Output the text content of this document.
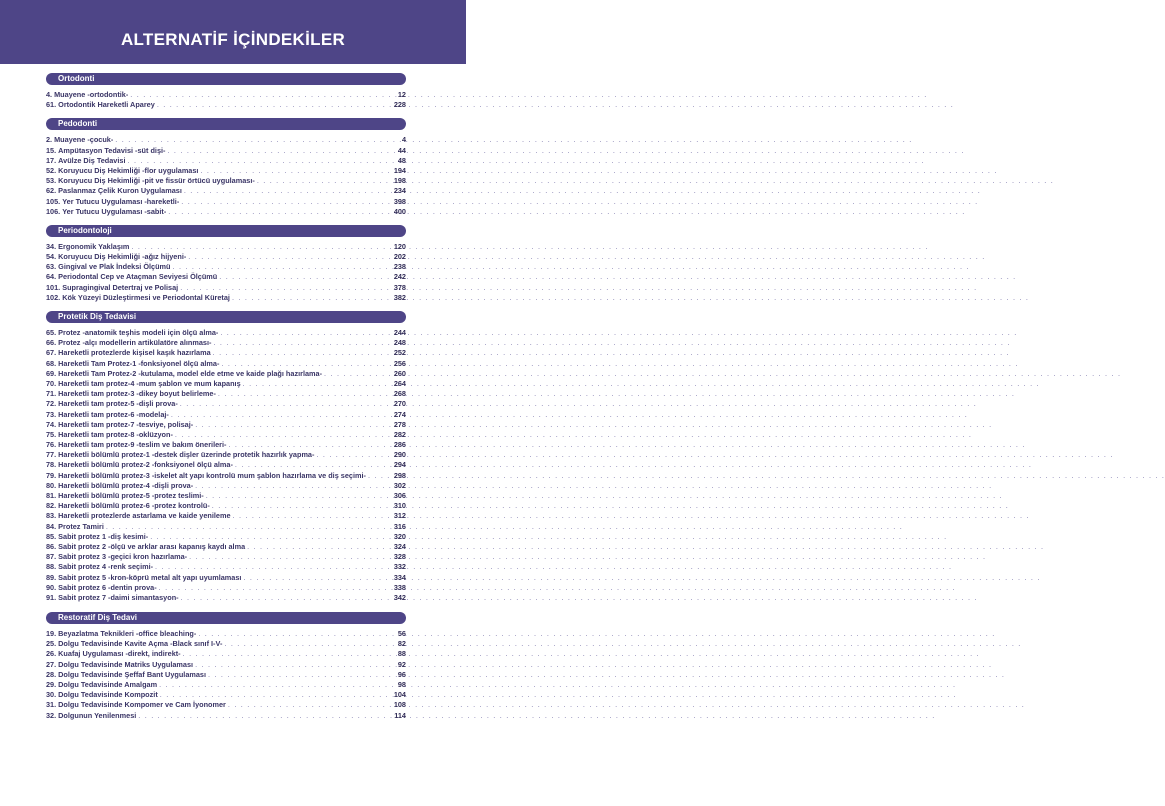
ALTERNATİF İÇİNDEKİLER
Ortodonti
4. Muayene -ortodontik- . . .	12
61. Ortodontik Hareketli Aparey . . .	228
Pedodonti
2. Muayene -çocuk- . . .	4
15. Ampütasyon Tedavisi -süt dişi- . . .	44
17. Avülze Diş Tedavisi . . .	48
52. Koruyucu Diş Hekimliği -flor uygulaması . . .	194
53. Koruyucu Diş Hekimliği -pit ve fissür örtücü uygulaması- . . .	198
62. Paslanmaz Çelik Kuron Uygulaması . . .	234
105. Yer Tutucu Uygulaması -hareketli- . . .	398
106. Yer Tutucu Uygulaması -sabit- . . .	400
Periodontoloji
34. Ergonomik Yaklaşım . . .	120
54. Koruyucu Diş Hekimliği -ağız hijyeni- . . .	202
63. Gingival ve Plak İndeksi Ölçümü . . .	238
64. Periodontal Cep ve Ataçman Seviyesi Ölçümü . . .	242
101. Supragingival Detertraj ve Polisaj . . .	378
102. Kök Yüzeyi Düzleştirmesi ve Periodontal Küretaj . . .	382
Protetik Diş Tedavisi
65. Protez -anatomik teşhis modeli için ölçü alma- . . .	244
66. Protez -alçı modellerin artikülatöre alınması- . . .	248
67. Hareketli protezlerde kişisel kaşık hazırlama . . .	252
68. Hareketli Tam Protez-1 -fonksiyonel ölçü alma- . . .	256
69. Hareketli Tam Protez-2 -kutulama, model elde etme ve kaide plağı hazırlama- . . .	260
70. Hareketli tam protez-4 -mum şablon ve mum kapanış . . .	264
71. Hareketli tam protez-3 -dikey boyut belirleme- . . .	268
72. Hareketli tam protez-5 -dişli prova- . . .	270
73. Hareketli tam protez-6 -modelaj- . . .	274
74. Hareketli tam protez-7 -tesviye, polisaj- . . .	278
75. Hareketli tam protez-8 -oklüzyon- . . .	282
76. Hareketli tam protez-9 -teslim ve bakım önerileri- . . .	286
77. Hareketli bölümlü protez-1 -destek dişler üzerinde protetik hazırlık yapma- . . .	290
78. Hareketli bölümlü protez-2 -fonksiyonel ölçü alma- . . .	294
79. Hareketli bölümlü protez-3 -iskelet alt yapı kontrolü mum şablon hazırlama ve diş seçimi- . . .	298
80. Hareketli bölümlü protez-4 -dişli prova- . . .	302
81. Hareketli bölümlü protez-5 -protez teslimi- . . .	306
82. Hareketli bölümlü protez-6 -protez kontrolü- . . .	310
83. Hareketli protezlerde astarlama ve kaide yenileme . . .	312
84. Protez Tamiri . . .	316
85. Sabit protez 1 -diş kesimi- . . .	320
86. Sabit protez 2 -ölçü ve arklar arası kapanış kaydı alma . . .	324
87. Sabit protez 3 -geçici kron hazırlama- . . .	328
88. Sabit protez 4 -renk seçimi- . . .	332
89. Sabit protez 5 -kron-köprü metal alt yapı uyumlaması . . .	334
90. Sabit protez 6 -dentin prova- . . .	338
91. Sabit protez 7 -daimi simantasyon- . . .	342
Restoratif Diş Tedavi
19. Beyazlatma Teknikleri -office bleaching- . . .	56
25. Dolgu Tedavisinde Kavite Açma -Black sınıf I-V- . . .	82
26. Kuafaj Uygulaması -direkt, indirekt- . . .	88
27. Dolgu Tedavisinde Matriks Uygulaması . . .	92
28. Dolgu Tedavisinde Şeffaf Bant Uygulaması . . .	96
29. Dolgu Tedavisinde Amalgam . . .	98
30. Dolgu Tedavisinde Kompozit . . .	104
31. Dolgu Tedavisinde Kompomer ve Cam İyonomer . . .	108
32. Dolgunun Yenilenmesi . . .	114
